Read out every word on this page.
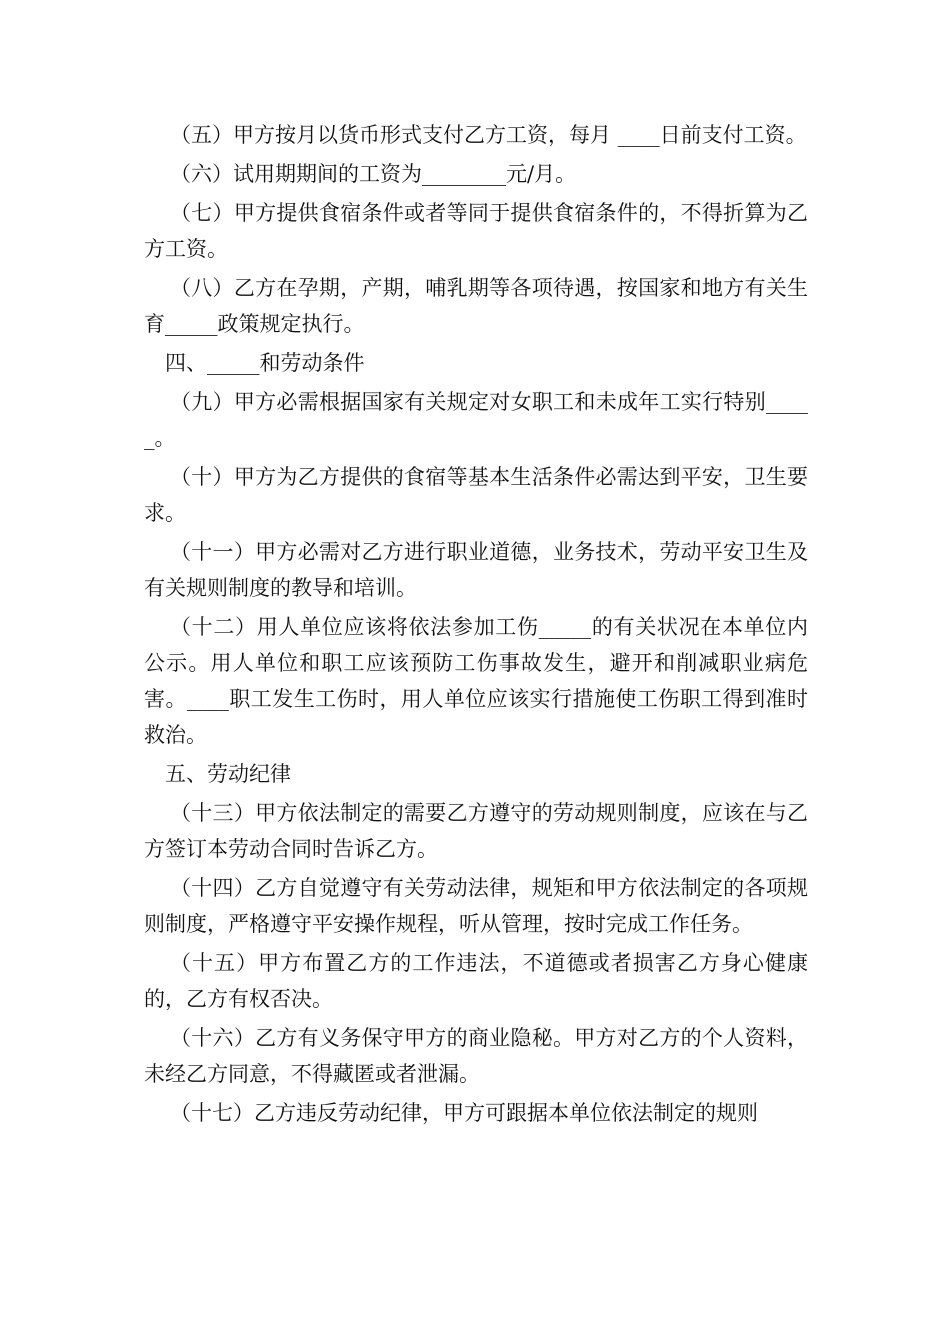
（五）甲方按月以货币形式支付乙方工资，每月 ____日前支付工资。

（六）试用期期间的工资为________元/月。

（七）甲方提供食宿条件或者等同于提供食宿条件的，不得折算为乙方工资。

（八）乙方在孕期，产期，哺乳期等各项待遇，按国家和地方有关生育_____政策规定执行。

四、_____和劳动条件

（九）甲方必需根据国家有关规定对女职工和未成年工实行特别_____。

（十）甲方为乙方提供的食宿等基本生活条件必需达到平安，卫生要求。

（十一）甲方必需对乙方进行职业道德，业务技术，劳动平安卫生及有关规则制度的教导和培训。

（十二）用人单位应该将依法参加工伤_____的有关状况在本单位内公示。用人单位和职工应该预防工伤事故发生，避开和削减职业病危害。____职工发生工伤时，用人单位应该实行措施使工伤职工得到准时救治。

五、劳动纪律

（十三）甲方依法制定的需要乙方遵守的劳动规则制度，应该在与乙方签订本劳动合同时告诉乙方。

（十四）乙方自觉遵守有关劳动法律，规矩和甲方依法制定的各项规则制度，严格遵守平安操作规程，听从管理，按时完成工作任务。

（十五）甲方布置乙方的工作违法，不道德或者损害乙方身心健康的，乙方有权否决。

（十六）乙方有义务保守甲方的商业隐秘。甲方对乙方的个人资料，未经乙方同意，不得藏匿或者泄漏。

（十七）乙方违反劳动纪律，甲方可跟据本单位依法制定的规则
